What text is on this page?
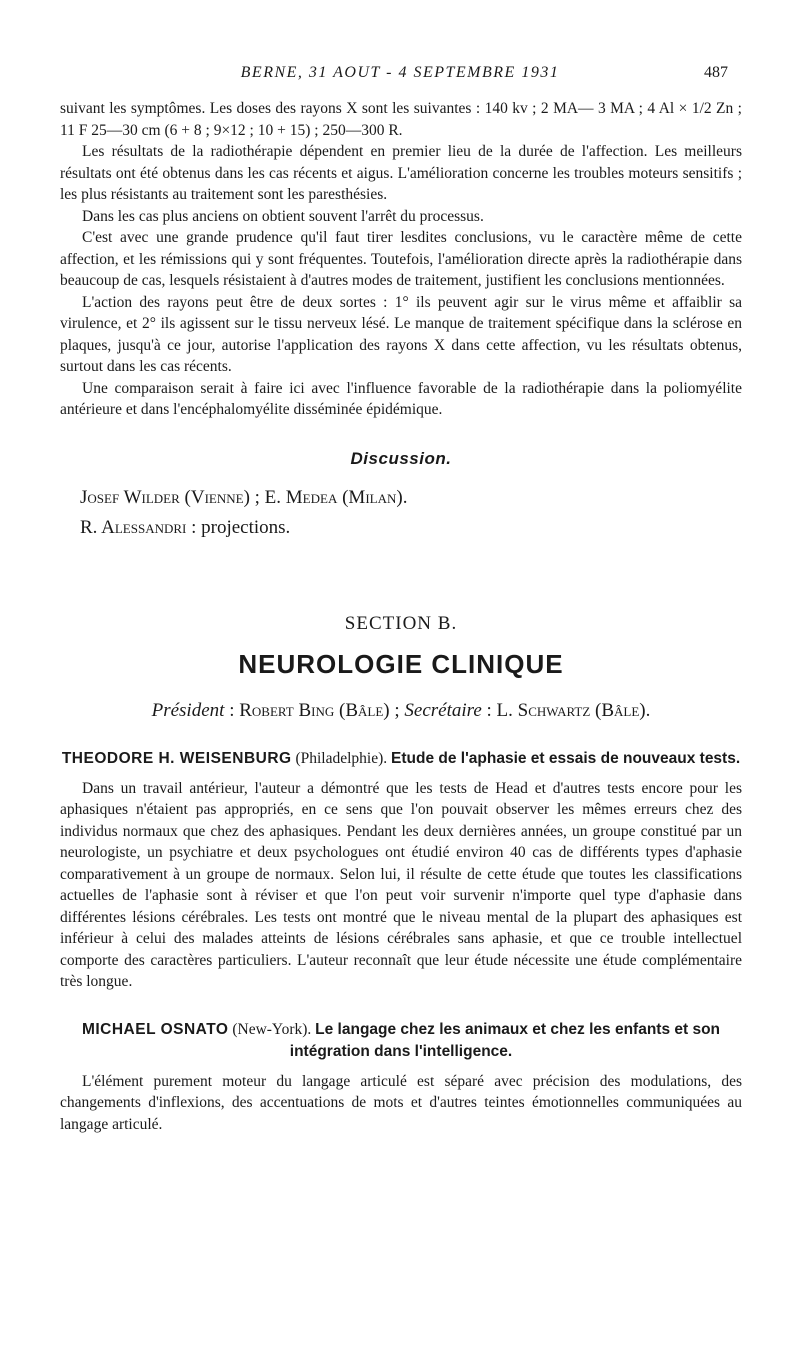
BERNE, 31 AOUT - 4 SEPTEMBRE 1931	487

suivant les symptômes. Les doses des rayons X sont les suivantes : 140 kv ; 2 MA— 3 MA ; 4 Al × 1/2 Zn ; 11 F 25—30 cm (6 + 8 ; 9×12 ; 10 + 15) ; 250—300 R.

Les résultats de la radiothérapie dépendent en premier lieu de la durée de l'affection. Les meilleurs résultats ont été obtenus dans les cas récents et aigus. L'amélioration concerne les troubles moteurs sensitifs ; les plus résistants au traitement sont les paresthésies.

Dans les cas plus anciens on obtient souvent l'arrêt du processus.

C'est avec une grande prudence qu'il faut tirer lesdites conclusions, vu le caractère même de cette affection, et les rémissions qui y sont fréquentes. Toutefois, l'amélioration directe après la radiothérapie dans beaucoup de cas, lesquels résistaient à d'autres modes de traitement, justifient les conclusions mentionnées.

L'action des rayons peut être de deux sortes : 1° ils peuvent agir sur le virus même et affaiblir sa virulence, et 2° ils agissent sur le tissu nerveux lésé. Le manque de traitement spécifique dans la sclérose en plaques, jusqu'à ce jour, autorise l'application des rayons X dans cette affection, vu les résultats obtenus, surtout dans les cas récents.

Une comparaison serait à faire ici avec l'influence favorable de la radiothérapie dans la poliomyélite antérieure et dans l'encéphalomyélite disséminée épidémique.

Discussion.
Josef Wilder (Vienne) ; E. Medea (Milan).
R. Alessandri : projections.
SECTION B.
NEUROLOGIE CLINIQUE
Président : Robert Bing (Bâle) ; Secrétaire : L. Schwartz (Bâle).
THEODORE H. WEISENBURG (Philadelphie). Etude de l'aphasie et essais de nouveaux tests.

Dans un travail antérieur, l'auteur a démontré que les tests de Head et d'autres tests encore pour les aphasiques n'étaient pas appropriés, en ce sens que l'on pouvait observer les mêmes erreurs chez des individus normaux que chez des aphasiques. Pendant les deux dernières années, un groupe constitué par un neurologiste, un psychiatre et deux psychologues ont étudié environ 40 cas de différents types d'aphasie comparativement à un groupe de normaux. Selon lui, il résulte de cette étude que toutes les classifications actuelles de l'aphasie sont à réviser et que l'on peut voir survenir n'importe quel type d'aphasie dans différentes lésions cérébrales. Les tests ont montré que le niveau mental de la plupart des aphasiques est inférieur à celui des malades atteints de lésions cérébrales sans aphasie, et que ce trouble intellectuel comporte des caractères particuliers. L'auteur reconnaît que leur étude nécessite une étude complémentaire très longue.

MICHAEL OSNATO (New-York). Le langage chez les animaux et chez les enfants et son intégration dans l'intelligence.

L'élément purement moteur du langage articulé est séparé avec précision des modulations, des changements d'inflexions, des accentuations de mots et d'autres teintes émotionnelles communiquées au langage articulé.
